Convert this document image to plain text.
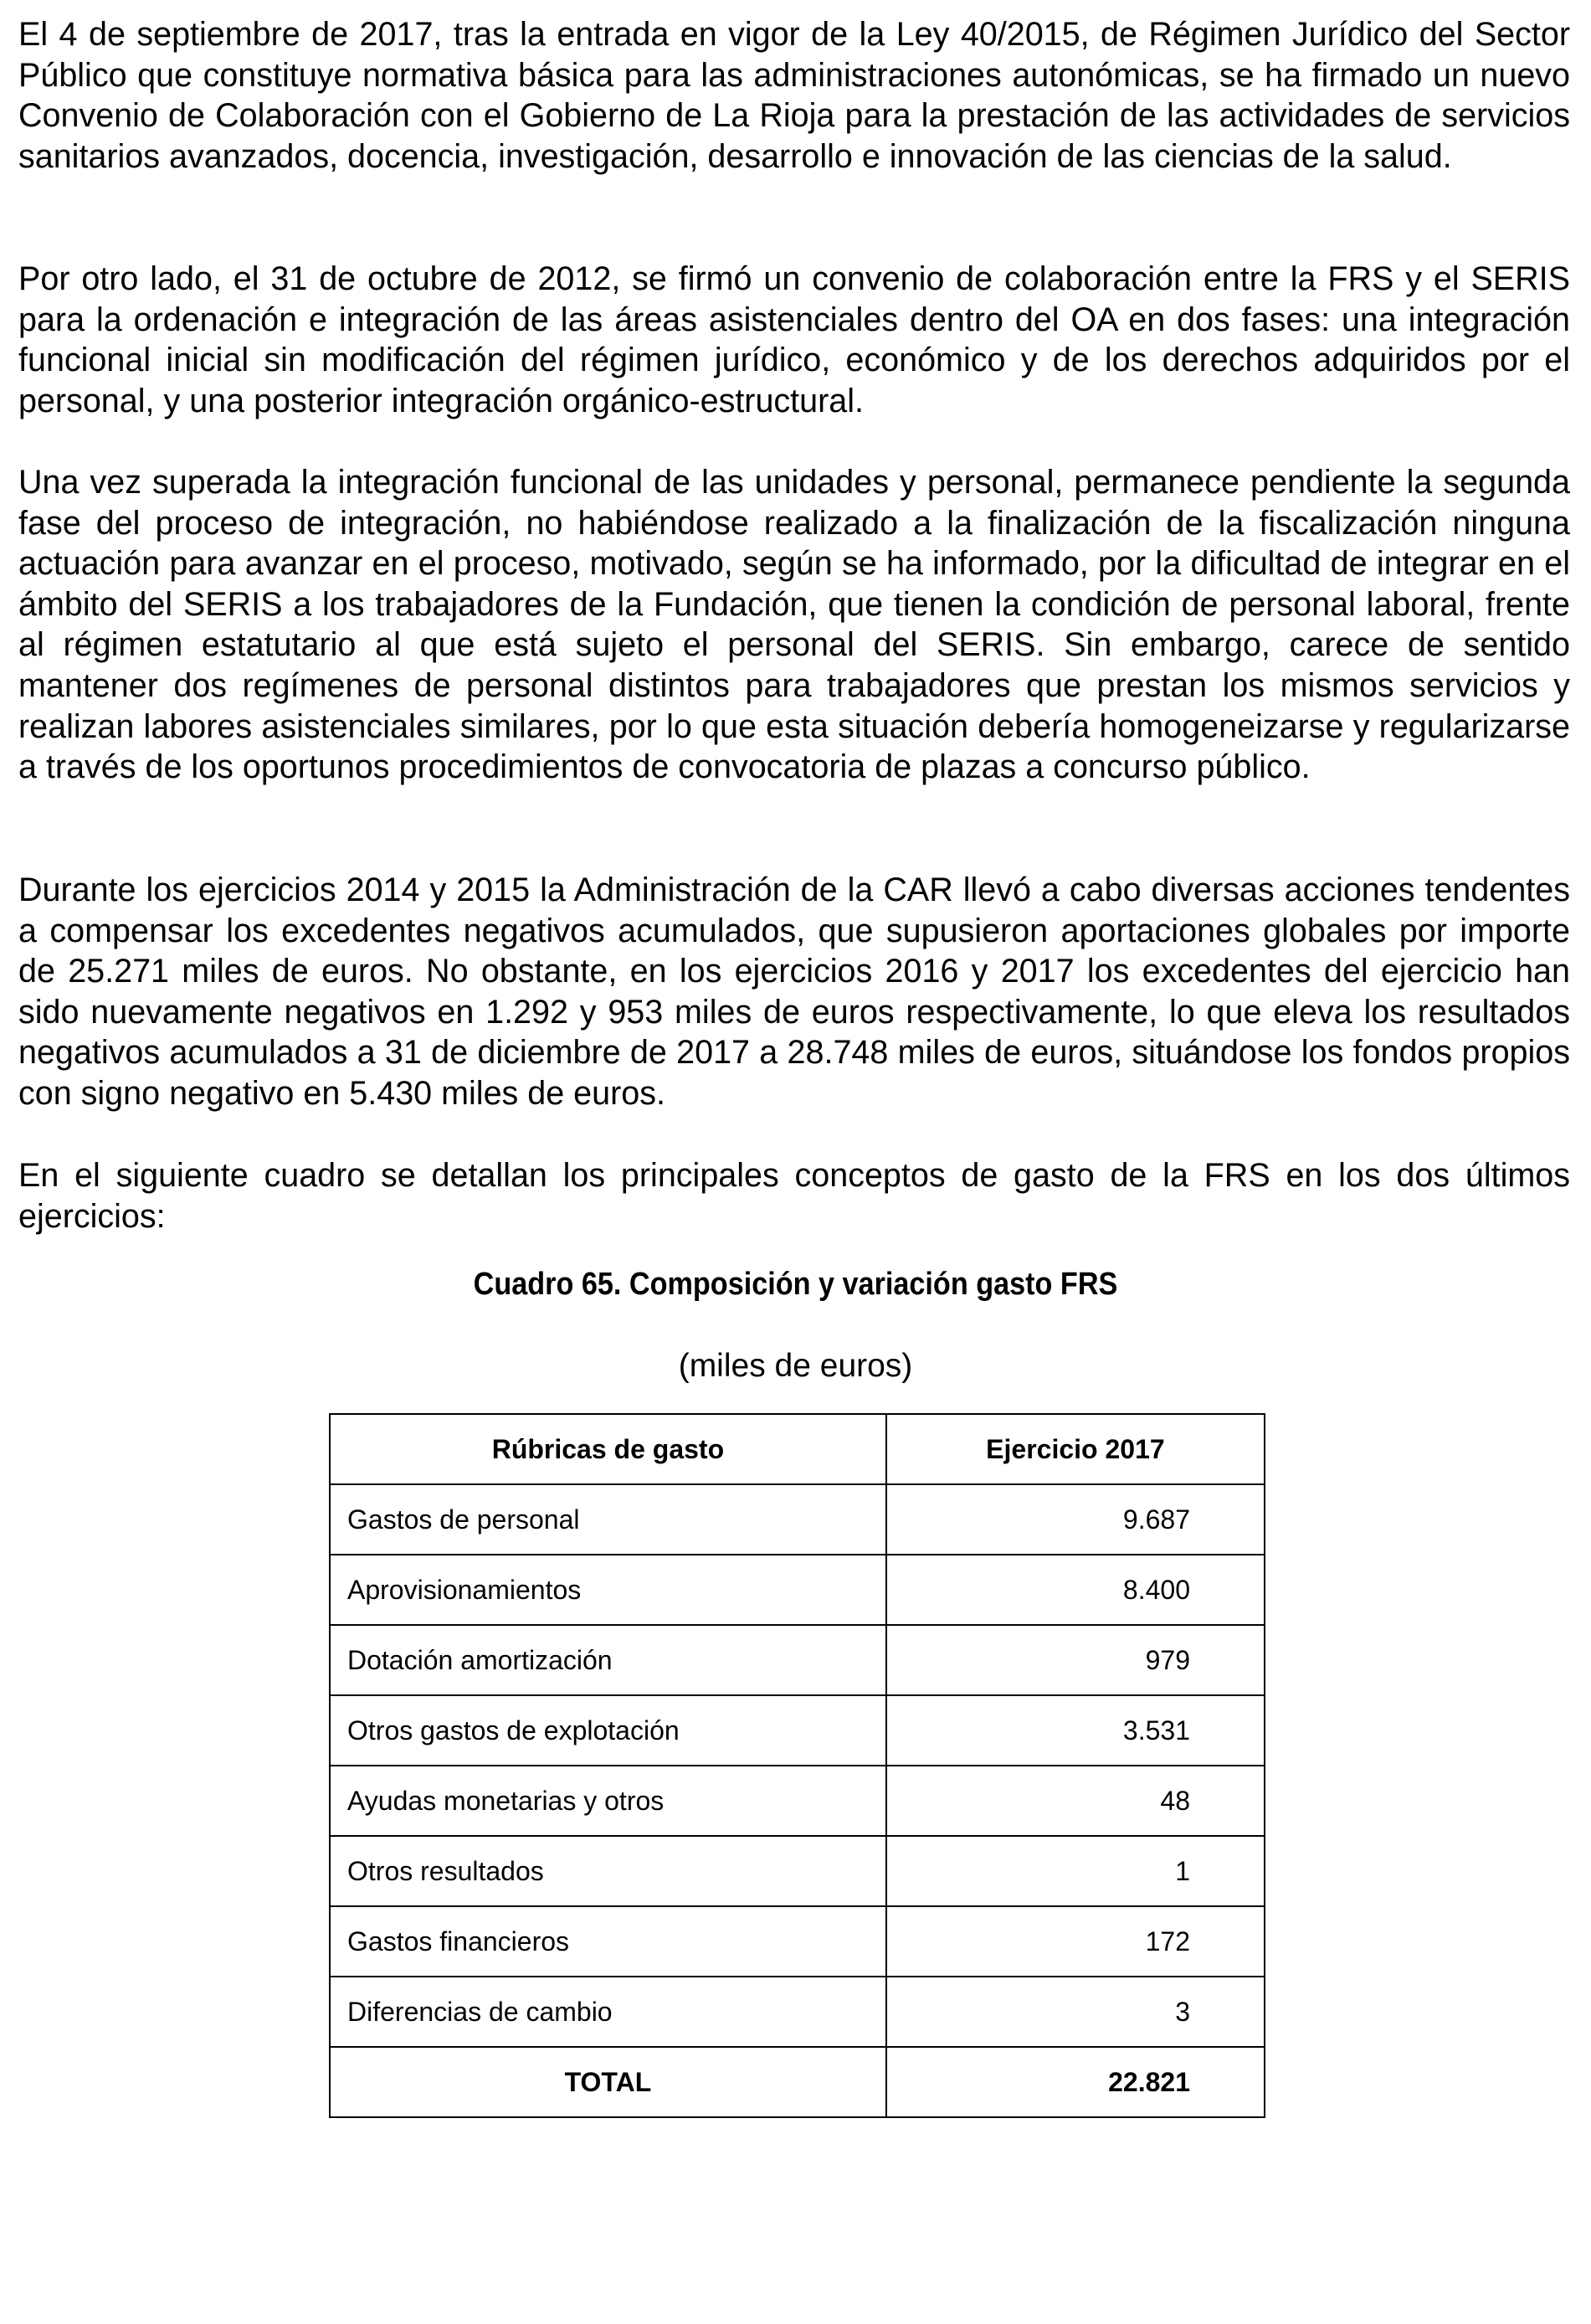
El 4 de septiembre de 2017, tras la entrada en vigor de la Ley 40/2015, de Régimen Jurídico del Sector Público que constituye normativa básica para las administraciones autonómicas, se ha firmado un nuevo Convenio de Colaboración con el Gobierno de La Rioja para la prestación de las actividades de servicios sanitarios avanzados, docencia, investigación, desarrollo e innovación de las ciencias de la salud.

Por otro lado, el 31 de octubre de 2012, se firmó un convenio de colaboración entre la FRS y el SERIS para la ordenación e integración de las áreas asistenciales dentro del OA en dos fases: una integración funcional inicial sin modificación del régimen jurídico, económico y de los derechos adquiridos por el personal, y una posterior integración orgánico-estructural.

Una vez superada la integración funcional de las unidades y personal, permanece pendiente la segunda fase del proceso de integración, no habiéndose realizado a la finalización de la fiscalización ninguna actuación para avanzar en el proceso, motivado, según se ha informado, por la dificultad de integrar en el ámbito del SERIS a los trabajadores de la Fundación, que tienen la condición de personal laboral, frente al régimen estatutario al que está sujeto el personal del SERIS. Sin embargo, carece de sentido mantener dos regímenes de personal distintos para trabajadores que prestan los mismos servicios y realizan labores asistenciales similares, por lo que esta situación debería homogeneizarse y regularizarse a través de los oportunos procedimientos de convocatoria de plazas a concurso público.

Durante los ejercicios 2014 y 2015 la Administración de la CAR llevó a cabo diversas acciones tendentes a compensar los excedentes negativos acumulados, que supusieron aportaciones globales por importe de 25.271 miles de euros. No obstante, en los ejercicios 2016 y 2017 los excedentes del ejercicio han sido nuevamente negativos en 1.292 y 953 miles de euros respectivamente, lo que eleva los resultados negativos acumulados a 31 de diciembre de 2017 a 28.748 miles de euros, situándose los fondos propios con signo negativo en 5.430 miles de euros.

En el siguiente cuadro se detallan los principales conceptos de gasto de la FRS en los dos últimos ejercicios:

Cuadro 65. Composición y variación gasto FRS

(miles de euros)

Rúbricas de gasto	Ejercicio 2017
Gastos de personal	9.687
Aprovisionamientos	8.400
Dotación amortización	979
Otros gastos de explotación	3.531
Ayudas monetarias y otros	48
Otros resultados	1
Gastos financieros	172
Diferencias de cambio	3
TOTAL	22.821
